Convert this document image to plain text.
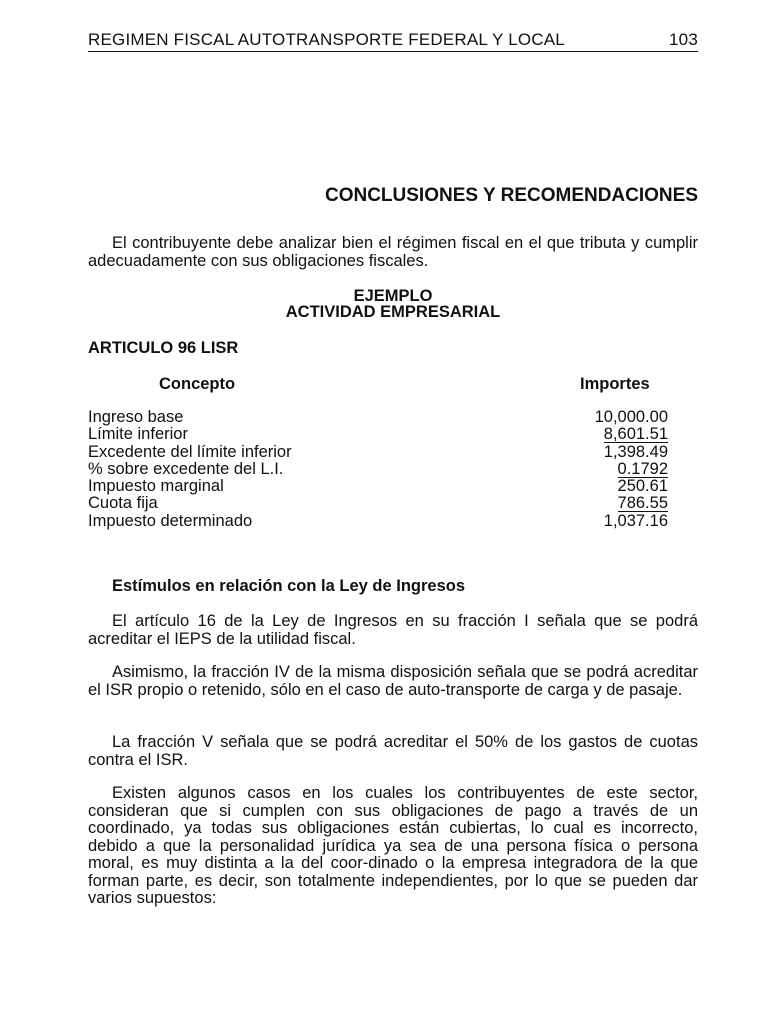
REGIMEN FISCAL AUTOTRANSPORTE FEDERAL Y LOCAL	103
CONCLUSIONES Y RECOMENDACIONES

El contribuyente debe analizar bien el régimen fiscal en el que tributa y cumplir adecuadamente con sus obligaciones fiscales.

EJEMPLO
ACTIVIDAD EMPRESARIAL
ARTICULO 96 LISR
Concepto	Importes
Ingreso base	10,000.00
Límite inferior	8,601.51
Excedente del límite inferior	1,398.49
% sobre excedente del L.I.	0.1792
Impuesto marginal	250.61
Cuota fija	786.55
Impuesto determinado	1,037.16
Estímulos en relación con la Ley de Ingresos

El artículo 16 de la Ley de Ingresos en su fracción I señala que se podrá acreditar el IEPS de la utilidad fiscal.

Asimismo, la fracción IV de la misma disposición señala que se podrá acreditar el ISR propio o retenido, sólo en el caso de auto-transporte de carga y de pasaje.

La fracción V señala que se podrá acreditar el 50% de los gastos de cuotas contra el ISR.

Existen algunos casos en los cuales los contribuyentes de este sector, consideran que si cumplen con sus obligaciones de pago a través de un coordinado, ya todas sus obligaciones están cubiertas, lo cual es incorrecto, debido a que la personalidad jurídica ya sea de una persona física o persona moral, es muy distinta a la del coor-dinado o la empresa integradora de la que forman parte, es decir, son totalmente independientes, por lo que se pueden dar varios supuestos:
